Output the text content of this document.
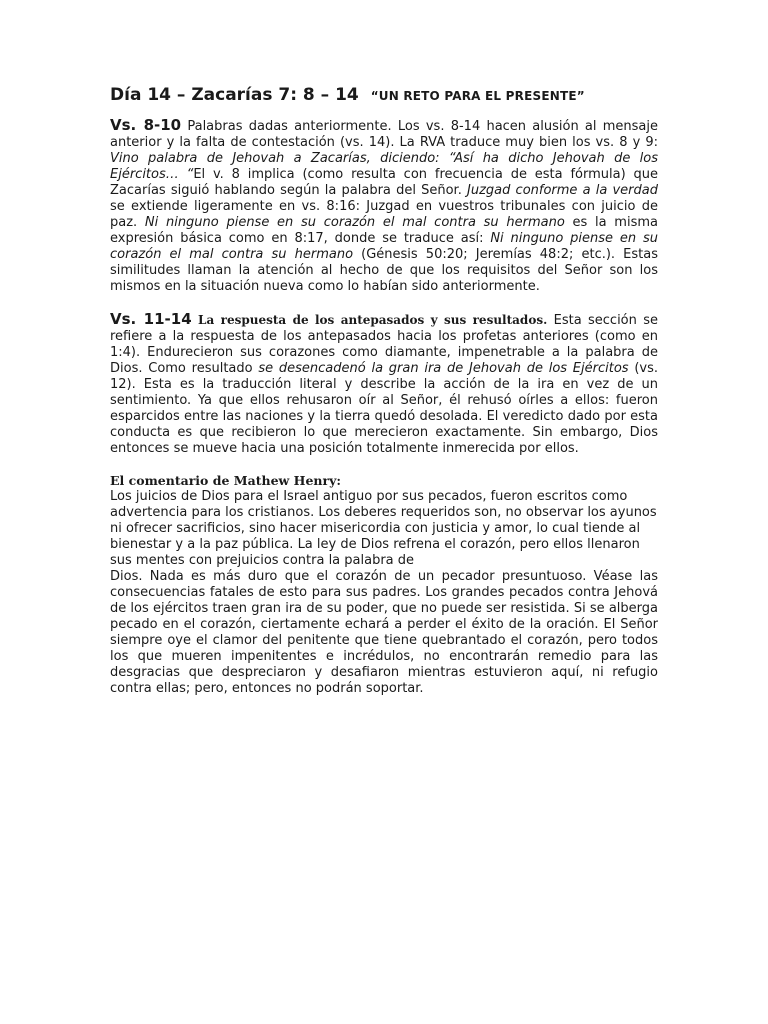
Día 14 – Zacarías 7: 8 – 14 “UN RETO PARA EL PRESENTE”

Vs. 8-10 Palabras dadas anteriormente. Los vs. 8-14 hacen alusión al mensaje anterior y la falta de contestación (vs. 14). La RVA traduce muy bien los vs. 8 y 9: Vino palabra de Jehovah a Zacarías, diciendo: “Así ha dicho Jehovah de los Ejércitos… “El v. 8 implica (como resulta con frecuencia de esta fórmula) que Zacarías siguió hablando según la palabra del Señor. Juzgad conforme a la verdad se extiende ligeramente en vs. 8:16: Juzgad en vuestros tribunales con juicio de paz. Ni ninguno piense en su corazón el mal contra su hermano es la misma expresión básica como en 8:17, donde se traduce así: Ni ninguno piense en su corazón el mal contra su hermano (Génesis 50:20; Jeremías 48:2; etc.). Estas similitudes llaman la atención al hecho de que los requisitos del Señor son los mismos en la situación nueva como lo habían sido anteriormente.

Vs. 11-14 La respuesta de los antepasados y sus resultados. Esta sección se refiere a la respuesta de los antepasados hacia los profetas anteriores (como en 1:4). Endurecieron sus corazones como diamante, impenetrable a la palabra de Dios. Como resultado se desencadenó la gran ira de Jehovah de los Ejércitos (vs. 12). Esta es la traducción literal y describe la acción de la ira en vez de un sentimiento. Ya que ellos rehusaron oír al Señor, él rehusó oírles a ellos: fueron esparcidos entre las naciones y la tierra quedó desolada. El veredicto dado por esta conducta es que recibieron lo que merecieron exactamente. Sin embargo, Dios entonces se mueve hacia una posición totalmente inmerecida por ellos.

El comentario de Mathew Henry:

Los juicios de Dios para el Israel antiguo por sus pecados, fueron escritos como advertencia para los cristianos. Los deberes requeridos son, no observar los ayunos ni ofrecer sacrificios, sino hacer misericordia con justicia y amor, lo cual tiende al bienestar y a la paz pública. La ley de Dios refrena el corazón, pero ellos llenaron sus mentes con prejuicios contra la palabra de

Dios. Nada es más duro que el corazón de un pecador presuntuoso. Véase las consecuencias fatales de esto para sus padres. Los grandes pecados contra Jehová de los ejércitos traen gran ira de su poder, que no puede ser resistida. Si se alberga pecado en el corazón, ciertamente echará a perder el éxito de la oración. El Señor siempre oye el clamor del penitente que tiene quebrantado el corazón, pero todos los que mueren impenitentes e incrédulos, no encontrarán remedio para las desgracias que despreciaron y desafiaron mientras estuvieron aquí, ni refugio contra ellas; pero, entonces no podrán soportar.
